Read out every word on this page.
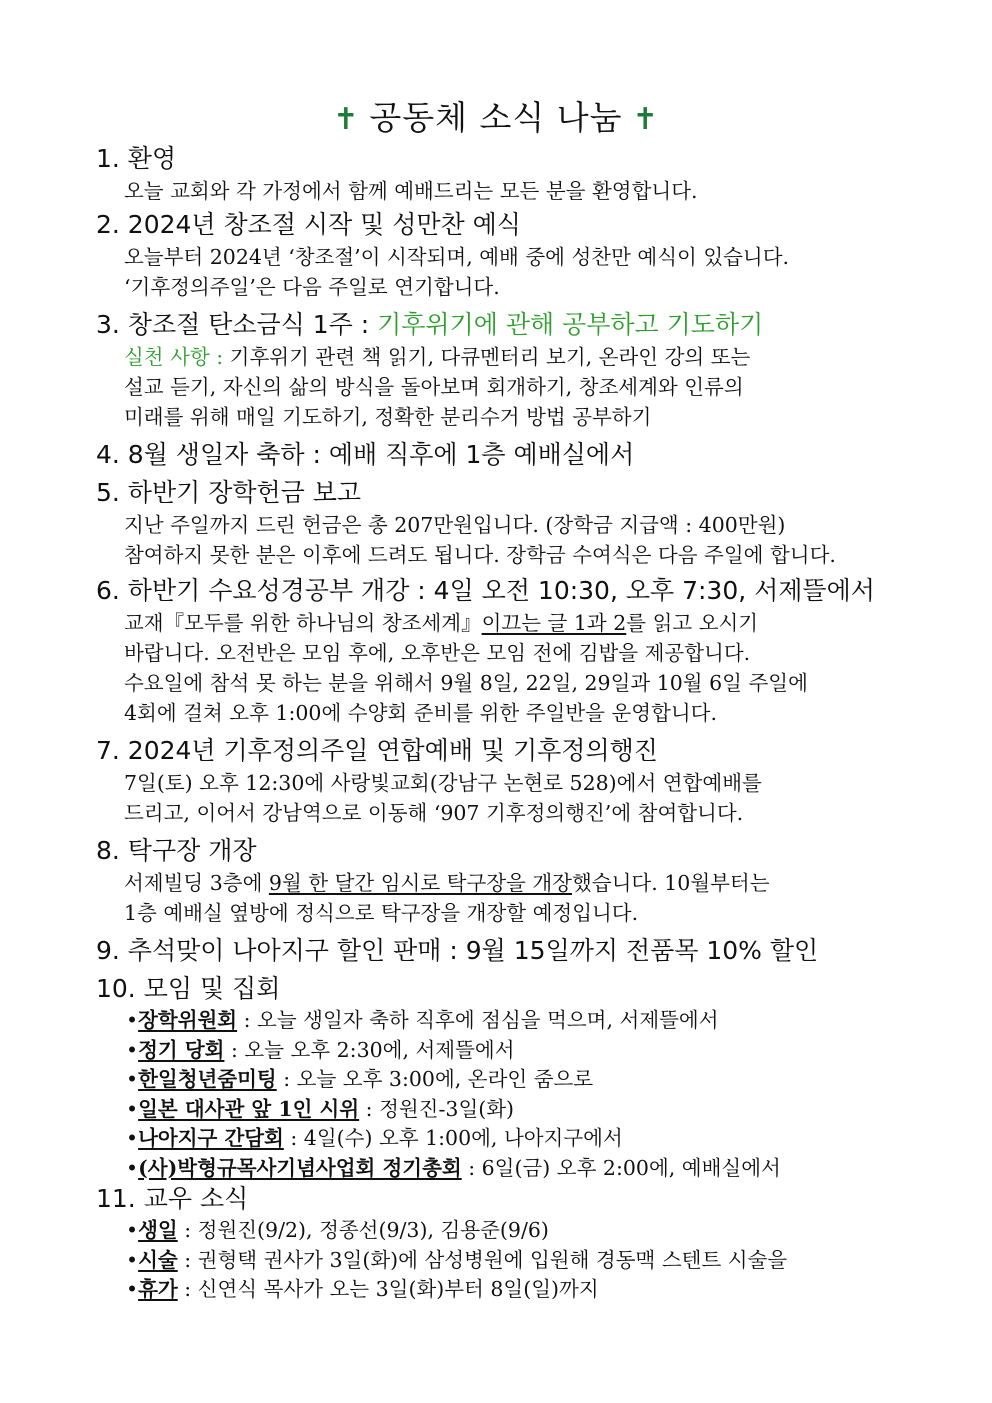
✝ 공동체 소식 나눔 ✝
1. 환영
오늘 교회와 각 가정에서 함께 예배드리는 모든 분을 환영합니다.
2. 2024년 창조절 시작 및 성만찬 예식
오늘부터 2024년 ‘창조절’이 시작되며, 예배 중에 성찬만 예식이 있습니다.
‘기후정의주일’은 다음 주일로 연기합니다.
3. 창조절 탄소금식 1주 : 기후위기에 관해 공부하고 기도하기
실천 사항 : 기후위기 관련 책 읽기, 다큐멘터리 보기, 온라인 강의 또는
설교 듣기, 자신의 삶의 방식을 돌아보며 회개하기, 창조세계와 인류의
미래를 위해 매일 기도하기, 정확한 분리수거 방법 공부하기
4. 8월 생일자 축하 : 예배 직후에 1층 예배실에서
5. 하반기 장학헌금 보고
지난 주일까지 드린 헌금은 총 207만원입니다. (장학금 지급액 : 400만원)
참여하지 못한 분은 이후에 드려도 됩니다. 장학금 수여식은 다음 주일에 합니다.
6. 하반기 수요성경공부 개강 : 4일 오전 10:30, 오후 7:30, 서제뜰에서
교재『모두를 위한 하나님의 창조세계』이끄는 글 1과 2를 읽고 오시기
바랍니다. 오전반은 모임 후에, 오후반은 모임 전에 김밥을 제공합니다.
수요일에 참석 못 하는 분을 위해서 9월 8일, 22일, 29일과 10월 6일 주일에
4회에 걸쳐 오후 1:00에 수양회 준비를 위한 주일반을 운영합니다.
7. 2024년 기후정의주일 연합예배 및 기후정의행진
7일(토) 오후 12:30에 사랑빛교회(강남구 논현로 528)에서 연합예배를
드리고, 이어서 강남역으로 이동해 ‘907 기후정의행진’에 참여합니다.
8. 탁구장 개장
서제빌딩 3층에 9월 한 달간 임시로 탁구장을 개장했습니다. 10월부터는
1층 예배실 옆방에 정식으로 탁구장을 개장할 예정입니다.
9. 추석맞이 나아지구 할인 판매 : 9월 15일까지 전품목 10% 할인
10. 모임 및 집회
•장학위원회 : 오늘 생일자 축하 직후에 점심을 먹으며, 서제뜰에서
•정기 당회 : 오늘 오후 2:30에, 서제뜰에서
•한일청년줌미팅 : 오늘 오후 3:00에, 온라인 줌으로
•일본 대사관 앞 1인 시위 : 정원진-3일(화)
•나아지구 간담회 : 4일(수) 오후 1:00에, 나아지구에서
•(사)박형규목사기념사업회 정기총회 : 6일(금) 오후 2:00에, 예배실에서
11. 교우 소식
•생일 : 정원진(9/2), 정종선(9/3), 김용준(9/6)
•시술 : 권형택 권사가 3일(화)에 삼성병원에 입원해 경동맥 스텐트 시술을
•휴가 : 신연식 목사가 오는 3일(화)부터 8일(일)까지
